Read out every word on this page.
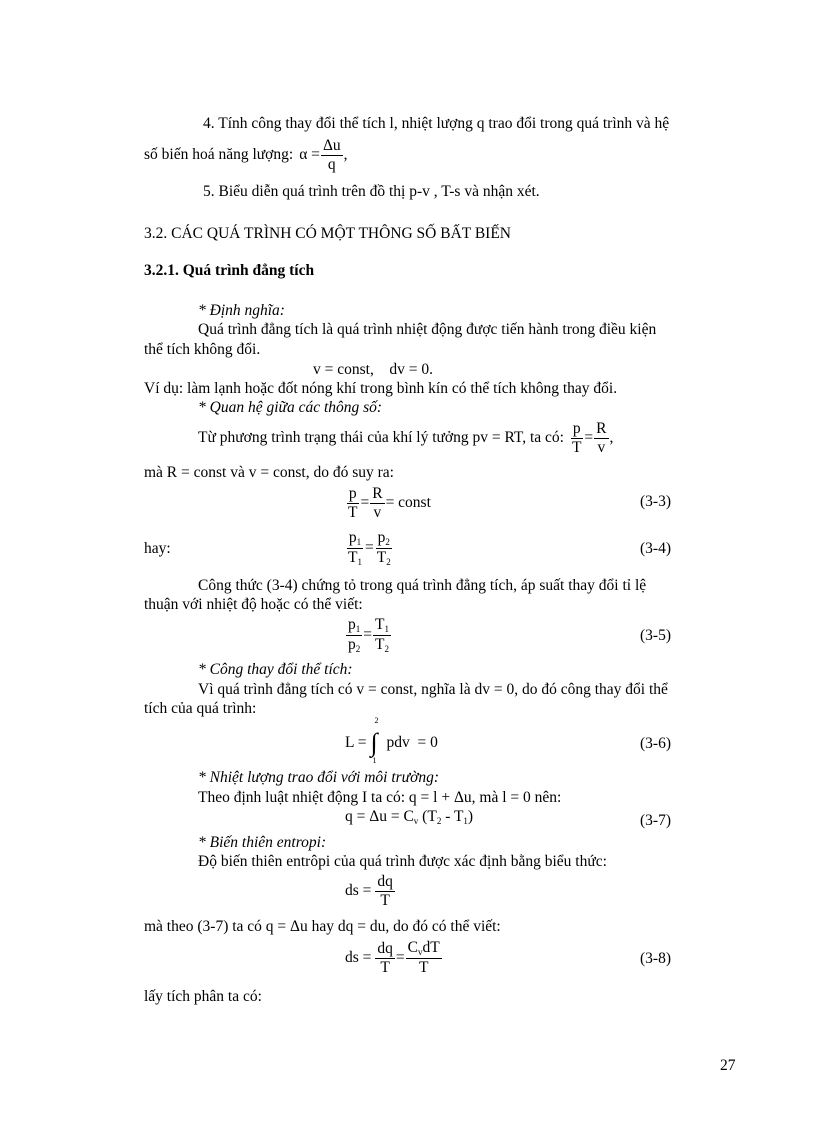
4. Tính công thay đổi thể tích l, nhiệt lượng q trao đổi trong quá trình và hệ
số biến hoá năng lượng: $\alpha = \frac{\Delta u}{q}$ ,
5. Biểu diễn quá trình trên đồ thị p-v , T-s và nhận xét.
3.2. CÁC QUÁ TRÌNH CÓ MỘT THÔNG SỐ BẤT BIẾN
3.2.1. Quá trình đẳng tích
* Định nghĩa:
Quá trình đẳng tích là quá trình nhiệt động được tiến hành trong điều kiện
thể tích không đổi.
v = const,    dv = 0.
Ví dụ: làm lạnh hoặc đốt nóng khí trong bình kín có thể tích không thay đổi.
* Quan hệ giữa các thông số:
Từ phương trình trạng thái của khí lý tưởng pv = RT, ta có: $\frac{p}{T} = \frac{R}{v}$ ,
mà R = const và v = const, do đó suy ra:
$\frac{p}{T} = \frac{R}{v}$ = const	(3-3)
hay:	$\frac{p_1}{T_1} = \frac{p_2}{T_2}$	(3-4)
Công thức (3-4) chứng tỏ trong quá trình đẳng tích, áp suất thay đổi tỉ lệ
thuận với nhiệt độ hoặc có thể viết:
$\frac{p_1}{p_2} = \frac{T_1}{T_2}$	(3-5)
* Công thay đổi thể tích:
Vì quá trình đẳng tích có v = const, nghĩa là dv = 0, do đó công thay đổi thể
tích của quá trình:
L =
2
∫
1
pdv  = 0	(3-6)
* Nhiệt lượng trao đổi với môi trường:
Theo định luật nhiệt động I ta có: q = l + Δu, mà l = 0 nên:
$q = \Delta u = C_v$ $(T_2 - T_1)$	(3-7)
* Biến thiên entropi:
Độ biến thiên entrôpi của quá trình được xác định bằng biểu thức:
ds = $\frac{dq}{T}$
mà theo (3-7) ta có q = Δu hay dq = du, do đó có thể viết:
ds = $\frac{dq}{T} = \frac{C_vdT}{T}$	(3-8)
lấy tích phân ta có:
27
